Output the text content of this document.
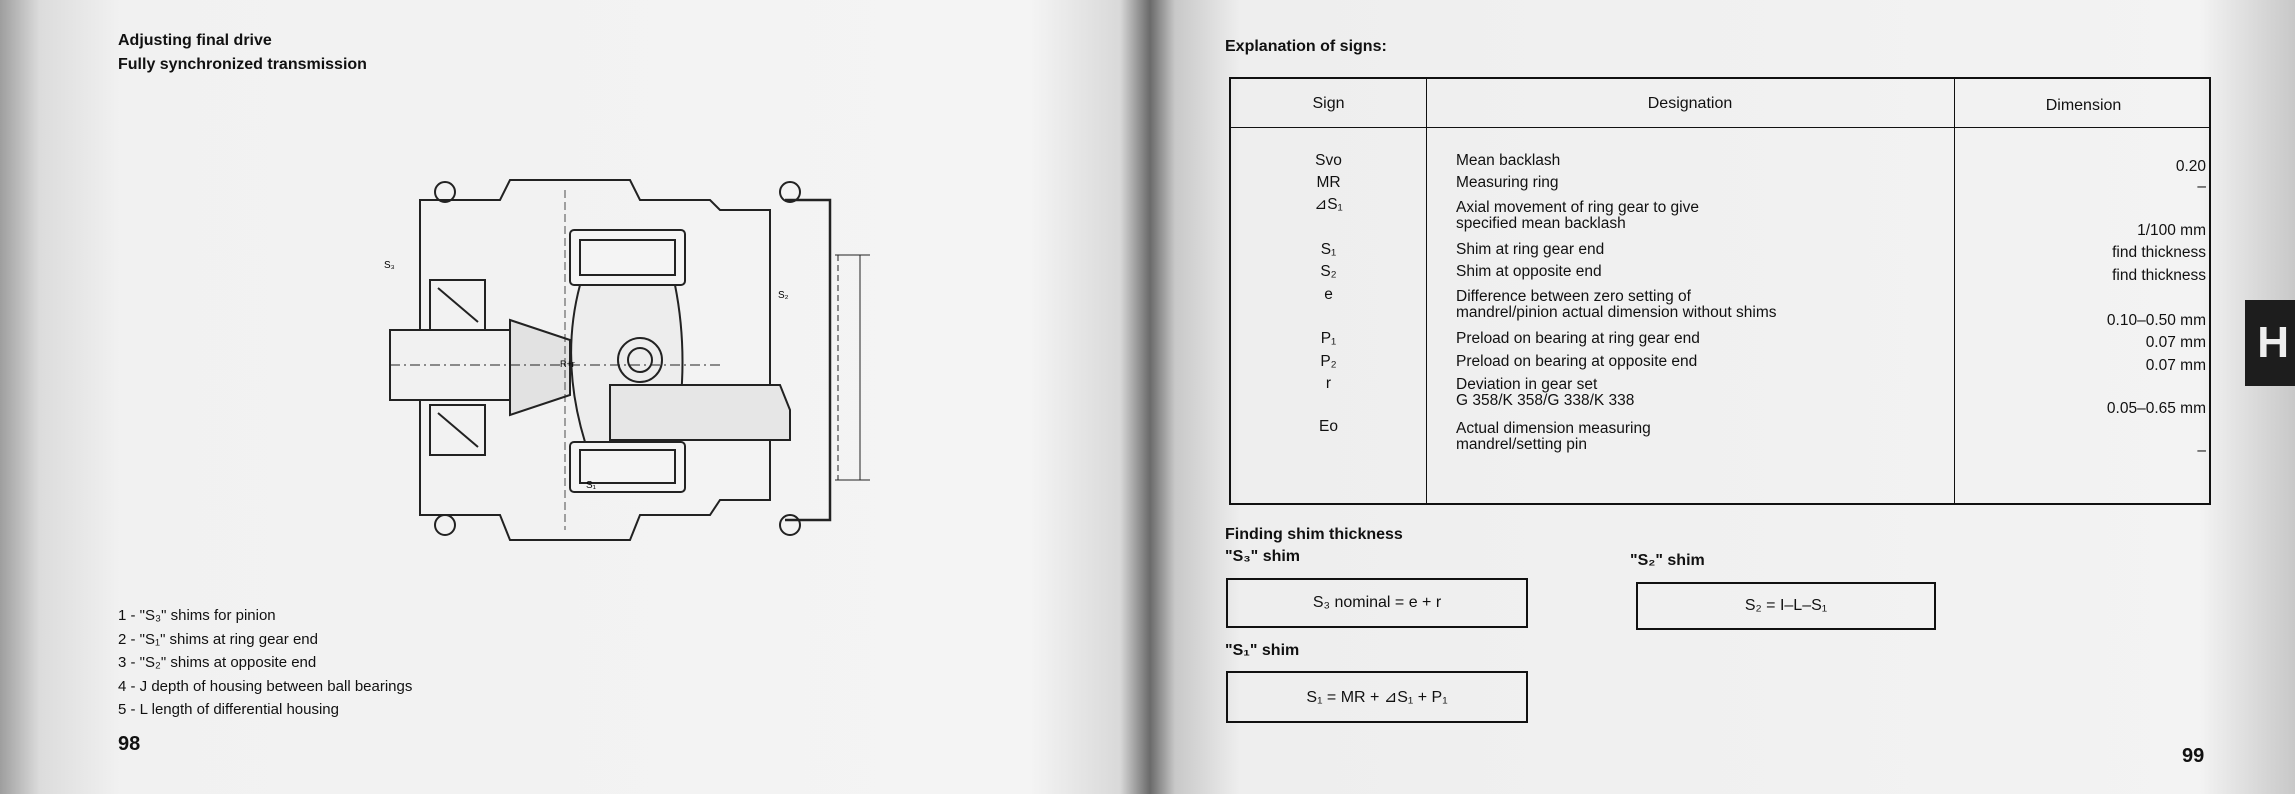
Adjusting final drive
Fully synchronized transmission
S₃
S₂
S₁
R+r
1 - "S₃" shims for pinion
2 - "S₁" shims at ring gear end
3 - "S₂" shims at opposite end
4 - J depth of housing between ball bearings
5 - L length of differential housing
98
Explanation of signs:
Sign	Designation	Dimension
Svo	Mean backlash	0.20
MR	Measuring ring	–
⊿S₁	Axial movement of ring gear to give
specified mean backlash	1/100 mm
S₁	Shim at ring gear end	find thickness
S₂	Shim at opposite end	find thickness
e	Difference between zero setting of
mandrel/pinion actual dimension without shims	0.10–0.50 mm
P₁	Preload on bearing at ring gear end	0.07 mm
P₂	Preload on bearing at opposite end	0.07 mm
r	Deviation in gear set
G 358/K 358/G 338/K 338	0.05–0.65 mm
Eo	Actual dimension measuring
mandrel/setting pin	–
Finding shim thickness
"S₃" shim
S₃ nominal = e + r
"S₂" shim
S₂ = I–L–S₁
"S₁" shim
S₁ = MR + ⊿S₁ + P₁
H
99
